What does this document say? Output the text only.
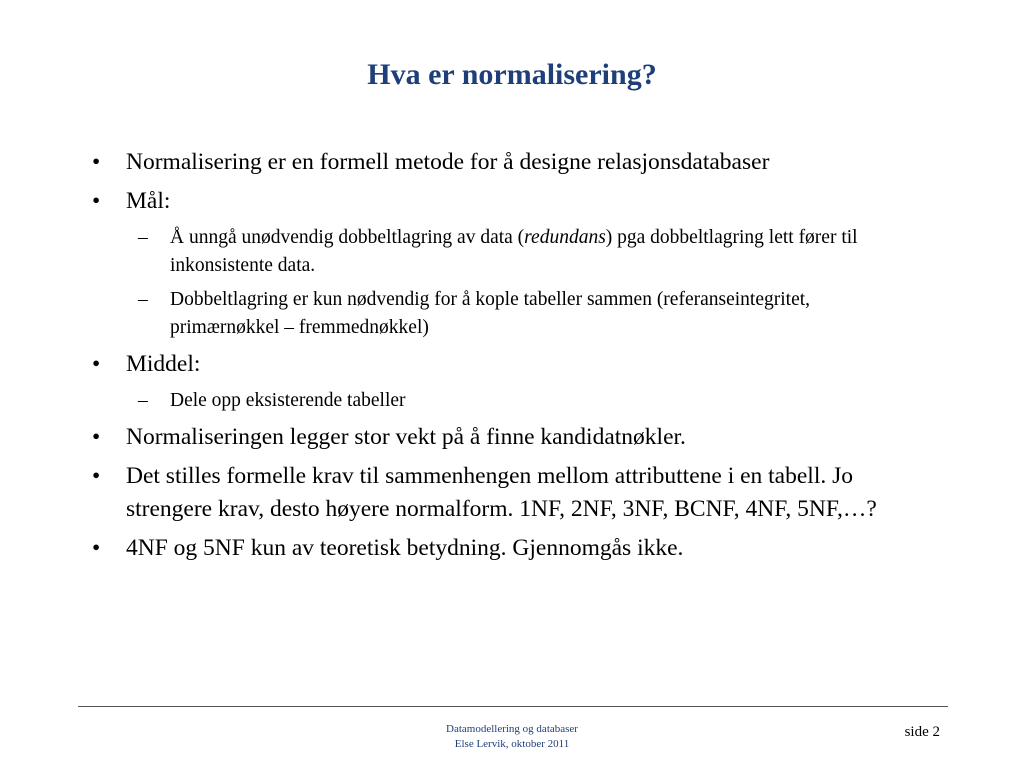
Hva er normalisering?
• Normalisering er en formell metode for å designe relasjonsdatabaser
• Mål:
– Å unngå unødvendig dobbeltlagring av data (redundans) pga dobbeltlagring lett fører til inkonsistente data.
– Dobbeltlagring er kun nødvendig for å kople tabeller sammen (referanseintegritet, primærnøkkel – fremmednøkkel)
• Middel:
– Dele opp eksisterende tabeller
• Normaliseringen legger stor vekt på å finne kandidatnøkler.
• Det stilles formelle krav til sammenhengen mellom attributtene i en tabell. Jo strengere krav, desto høyere normalform. 1NF, 2NF, 3NF, BCNF, 4NF, 5NF,…?
• 4NF og 5NF kun av teoretisk betydning. Gjennomgås ikke.
Datamodellering og databaser
Else Lervik, oktober 2011
side 2
